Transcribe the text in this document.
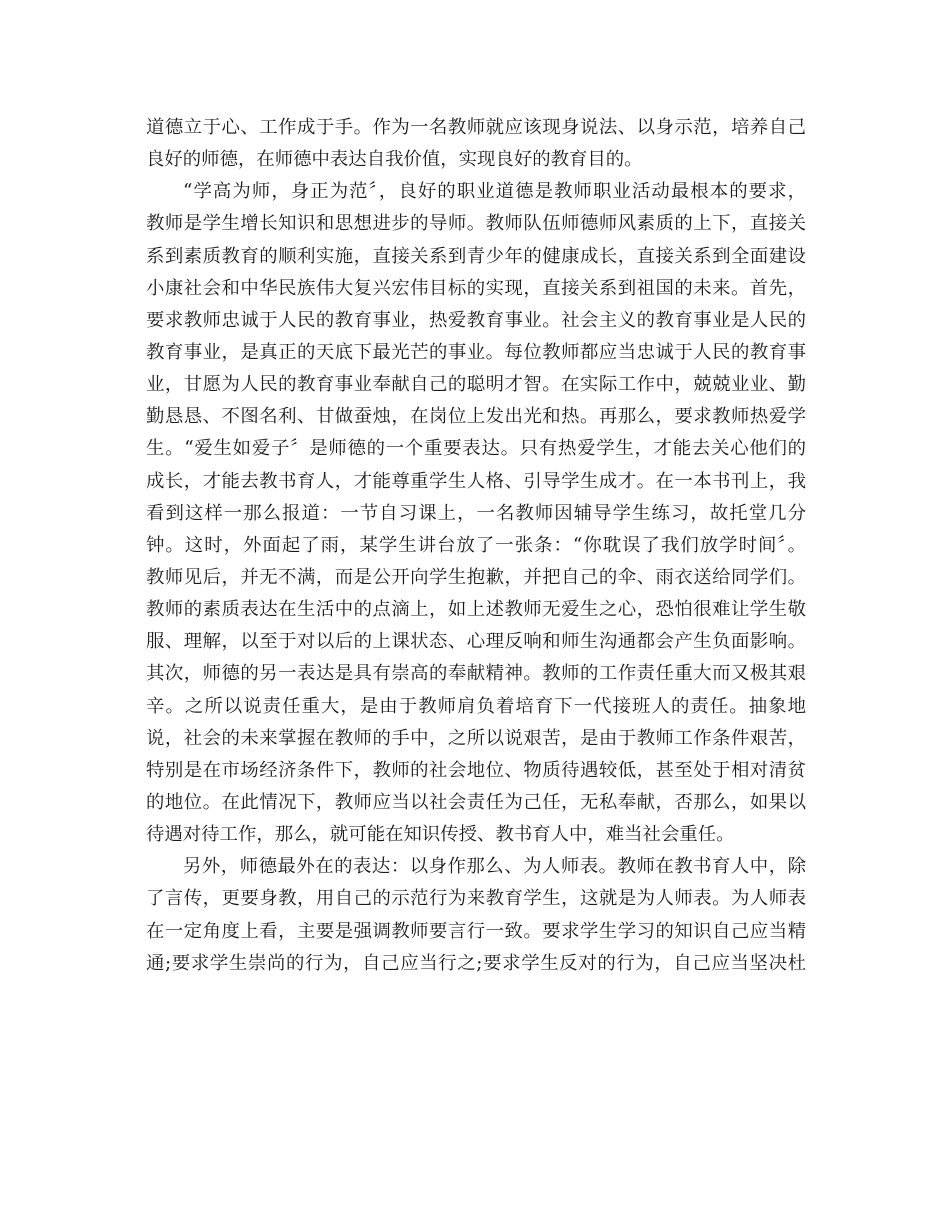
道德立于心、工作成于手。作为一名教师就应该现身说法、以身示范，培养自己
良好的师德，在师德中表达自我价值，实现良好的教育目的。
“学高为师，身正为范〞，良好的职业道德是教师职业活动最根本的要求，
教师是学生增长知识和思想进步的导师。教师队伍师德师风素质的上下，直接关
系到素质教育的顺利实施，直接关系到青少年的健康成长，直接关系到全面建设
小康社会和中华民族伟大复兴宏伟目标的实现，直接关系到祖国的未来。首先，
要求教师忠诚于人民的教育事业，热爱教育事业。社会主义的教育事业是人民的
教育事业，是真正的天底下最光芒的事业。每位教师都应当忠诚于人民的教育事
业，甘愿为人民的教育事业奉献自己的聪明才智。在实际工作中，兢兢业业、勤
勤恳恳、不图名利、甘做蚕烛，在岗位上发出光和热。再那么，要求教师热爱学
生。“爱生如爱子〞是师德的一个重要表达。只有热爱学生，才能去关心他们的
成长，才能去教书育人，才能尊重学生人格、引导学生成才。在一本书刊上，我
看到这样一那么报道：一节自习课上，一名教师因辅导学生练习，故托堂几分
钟。这时，外面起了雨，某学生讲台放了一张条：“你耽误了我们放学时间〞。
教师见后，并无不满，而是公开向学生抱歉，并把自己的伞、雨衣送给同学们。
教师的素质表达在生活中的点滴上，如上述教师无爱生之心，恐怕很难让学生敬
服、理解，以至于对以后的上课状态、心理反响和师生沟通都会产生负面影响。
其次，师德的另一表达是具有崇高的奉献精神。教师的工作责任重大而又极其艰
辛。之所以说责任重大，是由于教师肩负着培育下一代接班人的责任。抽象地
说，社会的未来掌握在教师的手中，之所以说艰苦，是由于教师工作条件艰苦，
特别是在市场经济条件下，教师的社会地位、物质待遇较低，甚至处于相对清贫
的地位。在此情况下，教师应当以社会责任为己任，无私奉献，否那么，如果以
待遇对待工作，那么，就可能在知识传授、教书育人中，难当社会重任。
另外，师德最外在的表达：以身作那么、为人师表。教师在教书育人中，除
了言传，更要身教，用自己的示范行为来教育学生，这就是为人师表。为人师表
在一定角度上看，主要是强调教师要言行一致。要求学生学习的知识自己应当精
通;要求学生崇尚的行为，自己应当行之;要求学生反对的行为，自己应当坚决杜
